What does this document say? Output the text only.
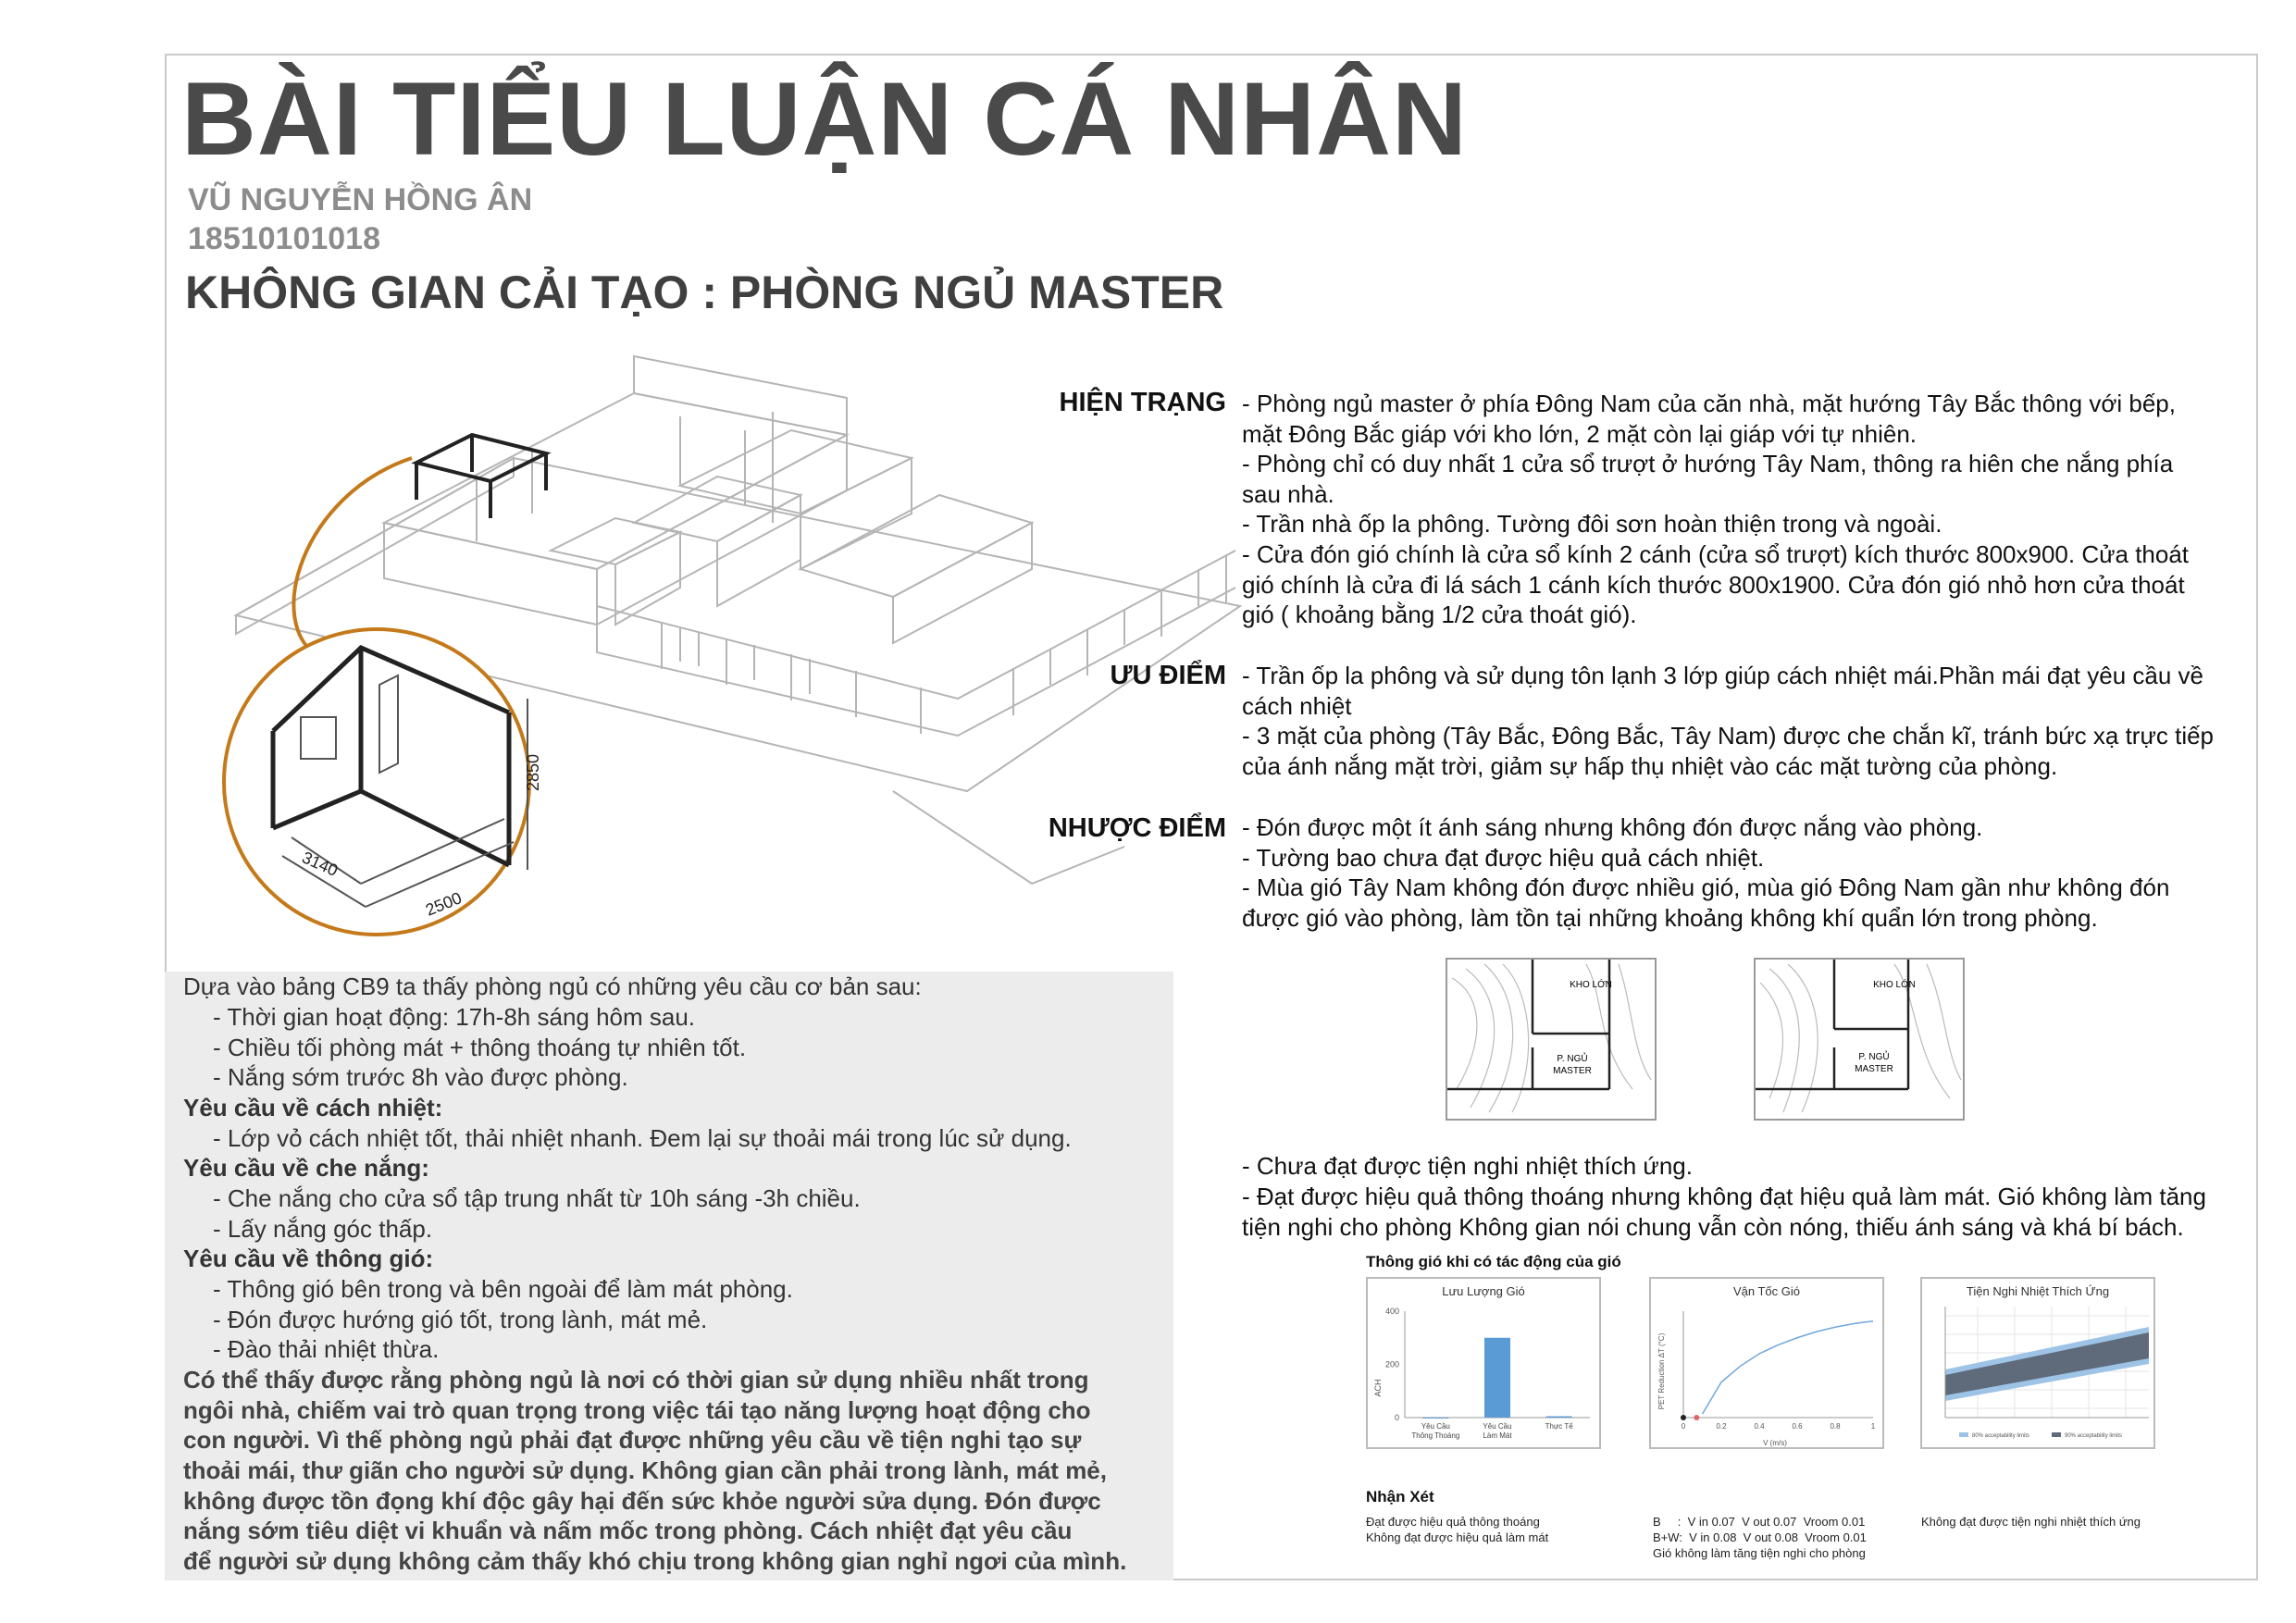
BÀI TIỂU LUẬN CÁ NHÂN
VŨ NGUYỄN HỒNG ÂN
18510101018
KHÔNG GIAN CẢI TẠO : PHÒNG NGỦ MASTER
3140
2500
2850
HIỆN TRẠNG - Phòng ngủ master ở phía Đông Nam của căn nhà, mặt hướng Tây Bắc thông với bếp,
mặt Đông Bắc giáp với kho lớn, 2 mặt còn lại giáp với tự nhiên.
- Phòng chỉ có duy nhất 1 cửa sổ trượt ở hướng Tây Nam, thông ra hiên che nắng phía
sau nhà.
- Trần nhà ốp la phông. Tường đôi sơn hoàn thiện trong và ngoài.
- Cửa đón gió chính là cửa sổ kính 2 cánh (cửa sổ trượt) kích thước 800x900. Cửa thoát
gió chính là cửa đi lá sách 1 cánh kích thước 800x1900. Cửa đón gió nhỏ hơn cửa thoát
gió ( khoảng bằng 1/2 cửa thoát gió).
ƯU ĐIỂM - Trần ốp la phông và sử dụng tôn lạnh 3 lớp giúp cách nhiệt mái.Phần mái đạt yêu cầu về
cách nhiệt
- 3 mặt của phòng (Tây Bắc, Đông Bắc, Tây Nam) được che chắn kĩ, tránh bức xạ trực tiếp
của ánh nắng mặt trời, giảm sự hấp thụ nhiệt vào các mặt tường của phòng.
NHƯỢC ĐIỂM - Đón được một ít ánh sáng nhưng không đón được nắng vào phòng.
- Tường bao chưa đạt được hiệu quả cách nhiệt.
- Mùa gió Tây Nam không đón được nhiều gió, mùa gió Đông Nam gần như không đón
được gió vào phòng, làm tồn tại những khoảng không khí quẩn lớn trong phòng.
Dựa vào bảng CB9 ta thấy phòng ngủ có những yêu cầu cơ bản sau:
- Thời gian hoạt động: 17h-8h sáng hôm sau.
- Chiều tối phòng mát + thông thoáng tự nhiên tốt.
- Nắng sớm trước 8h vào được phòng.
Yêu cầu về cách nhiệt:
- Lớp vỏ cách nhiệt tốt, thải nhiệt nhanh. Đem lại sự thoải mái trong lúc sử dụng.
Yêu cầu về che nắng:
- Che nắng cho cửa sổ tập trung nhất từ 10h sáng -3h chiều.
- Lấy nắng góc thấp.
Yêu cầu về thông gió:
- Thông gió bên trong và bên ngoài để làm mát phòng.
- Đón được hướng gió tốt, trong lành, mát mẻ.
- Đào thải nhiệt thừa.
Có thể thấy được rằng phòng ngủ là nơi có thời gian sử dụng nhiều nhất trong
ngôi nhà, chiếm vai trò quan trọng trong việc tái tạo năng lượng hoạt động cho
con người. Vì thế phòng ngủ phải đạt được những yêu cầu về tiện nghi tạo sự
thoải mái, thư giãn cho người sử dụng. Không gian cần phải trong lành, mát mẻ,
không được tồn đọng khí độc gây hại đến sức khỏe người sửa dụng. Đón được
nắng sớm tiêu diệt vi khuẩn và nấm mốc trong phòng. Cách nhiệt đạt yêu cầu
để người sử dụng không cảm thấy khó chịu trong không gian nghỉ ngơi của mình.
KHO LỚN
P. NGỦ
MASTER
KHO LỚN
P. NGỦ
MASTER
- Chưa đạt được tiện nghi nhiệt thích ứng.
- Đạt được hiệu quả thông thoáng nhưng không đạt hiệu quả làm mát. Gió không làm tăng
tiện nghi cho phòng Không gian nói chung vẫn còn nóng, thiếu ánh sáng và khá bí bách.
Thông gió khi có tác động của gió
Lưu Lượng Gió
ACH
0
200
400
Yêu Cầu
Thông Thoáng
Yêu Cầu
Làm Mát
Thực Tế
Vận Tốc Gió
PET Reduction ΔT (°C)
V (m/s)
0	0.2	0.4	0.6	0.8	1
Tiện Nghi Nhiệt Thích Ứng
80% acceptability limits	90% acceptability limits
Nhận Xét
Đạt được hiệu quả thông thoáng
Không đạt được hiệu quả làm mát
B     :  V in 0.07  V out 0.07  Vroom 0.01
B+W:  V in 0.08  V out 0.08  Vroom 0.01
Gió không làm tăng tiện nghi cho phòng
Không đạt được tiện nghi nhiệt thích ứng
